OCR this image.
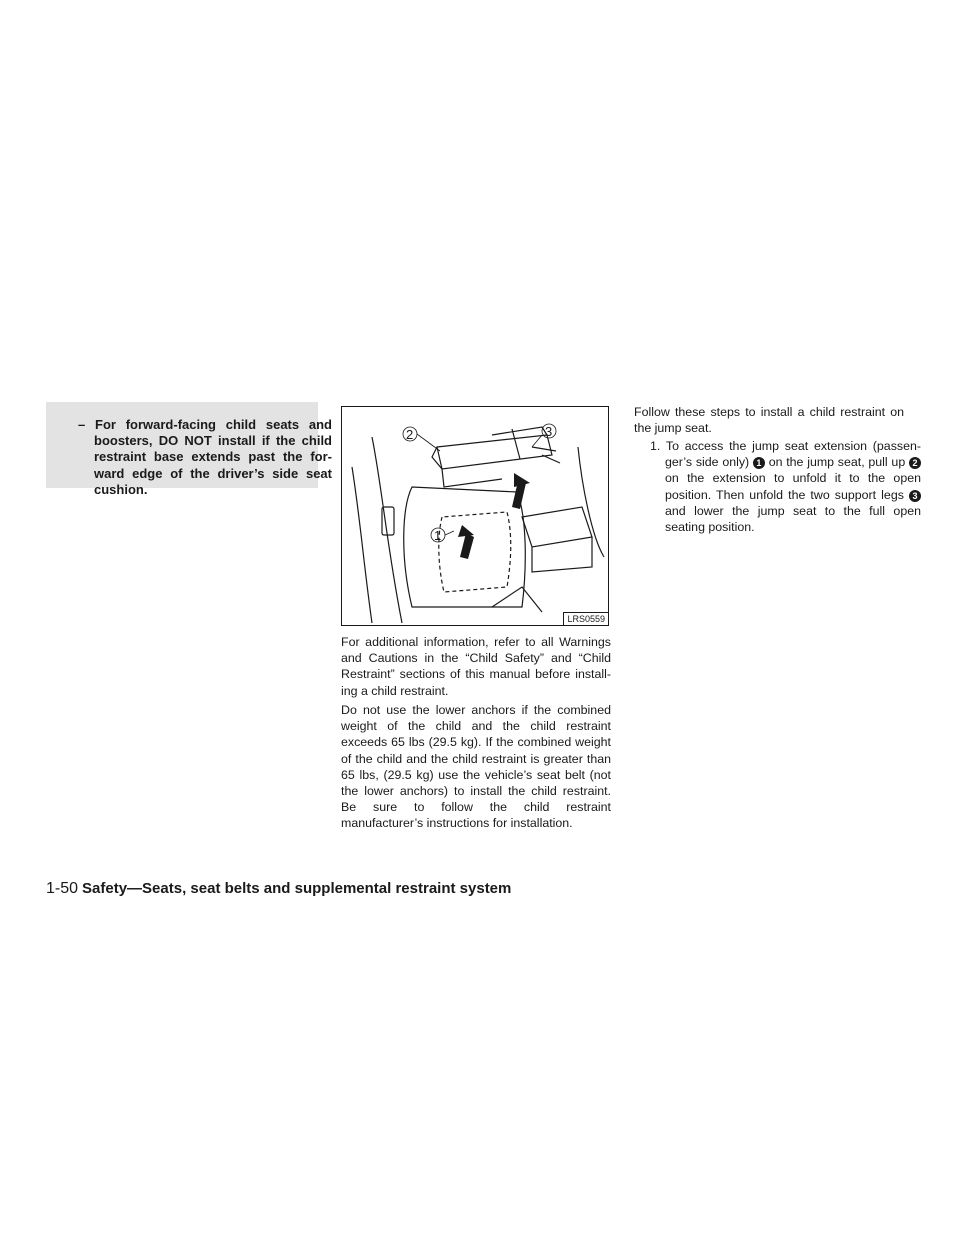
– For forward-facing child seats and boosters, DO NOT install if the child restraint base extends past the for- ward edge of the driver’s side seat cushion.

2	3
1
LRS0559

For additional information, refer to all Warnings and Cautions in the “Child Safety” and “Child Restraint” sections of this manual before install- ing a child restraint.

Do not use the lower anchors if the combined weight of the child and the child restraint exceeds 65 lbs (29.5 kg). If the combined weight of the child and the child restraint is greater than 65 lbs, (29.5 kg) use the vehicle’s seat belt (not the lower anchors) to install the child restraint. Be sure to follow the child restraint manufacturer’s instructions for installation.

Follow these steps to install a child restraint on the jump seat.

1. To access the jump seat extension (passen- ger’s side only) 1 on the jump seat, pull up 2 on the extension to unfold it to the open position. Then unfold the two support legs 3 and lower the jump seat to the full open seating position.

1-50 Safety—Seats, seat belts and supplemental restraint system
